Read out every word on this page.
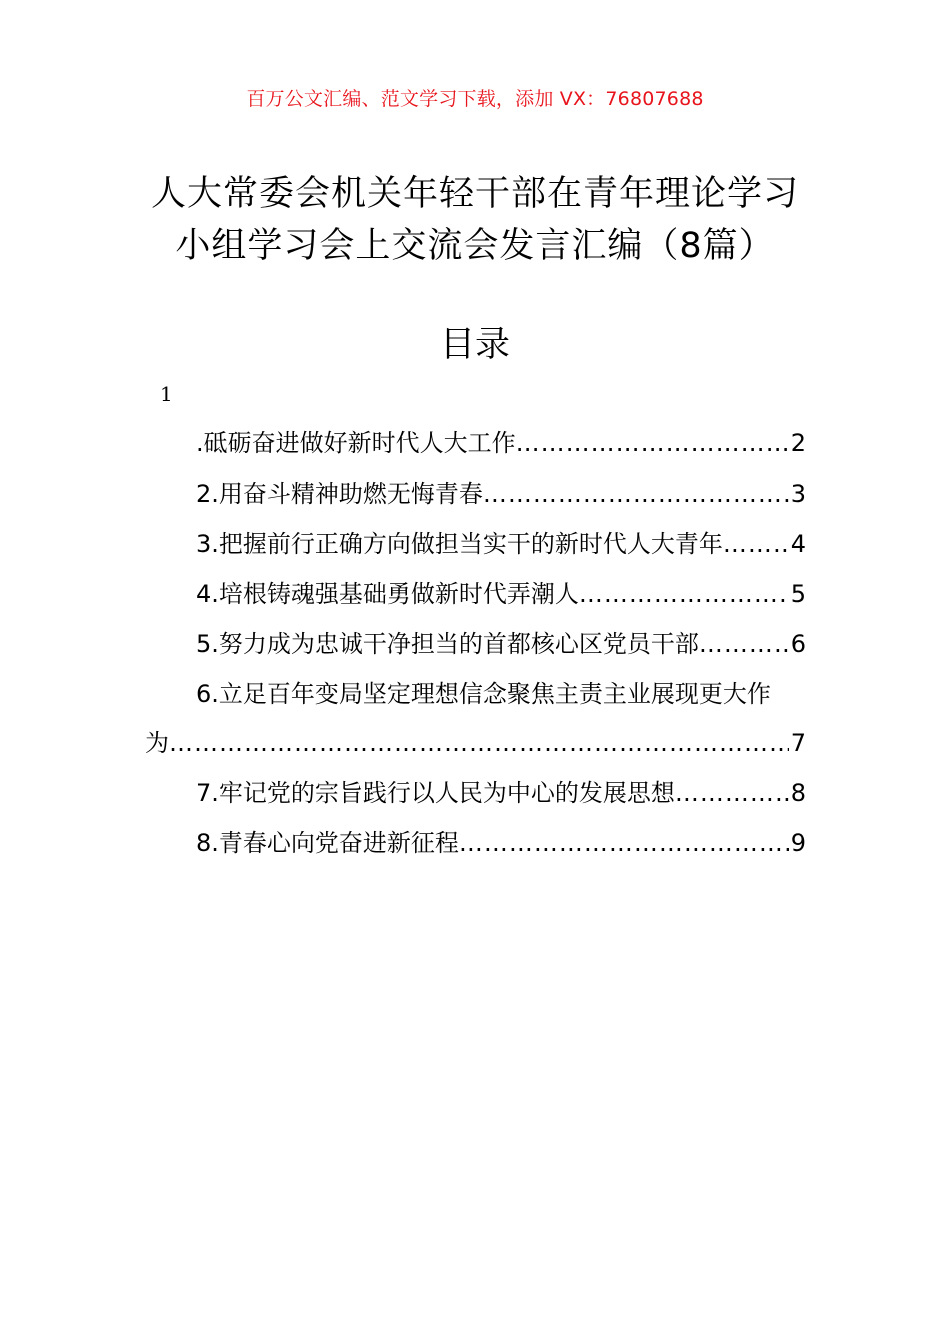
百万公文汇编、范文学习下载，添加 VX：76807688
人大常委会机关年轻干部在青年理论学习
小组学习会上交流会发言汇编（8篇）
目录
1
.砥砺奋进做好新时代人大工作 ……………………………………………………………………………………………………………………………………………	2
2.用奋斗精神助燃无悔青春 ……………………………………………………………………………………………………………………………………………	3
3.把握前行正确方向做担当实干的新时代人大青年 ……………………………………………………………………………………………………………………………………………	4
4.培根铸魂强基础勇做新时代弄潮人 ……………………………………………………………………………………………………………………………………………	5
5.努力成为忠诚干净担当的首都核心区党员干部 ……………………………………………………………………………………………………………………………………………	6
6.立足百年变局坚定理想信念聚焦主责主业展现更大作
为 ……………………………………………………………………………………………………………………………………………	7
7.牢记党的宗旨践行以人民为中心的发展思想 ……………………………………………………………………………………………………………………………………………	8
8.青春心向党奋进新征程 ……………………………………………………………………………………………………………………………………………	9
